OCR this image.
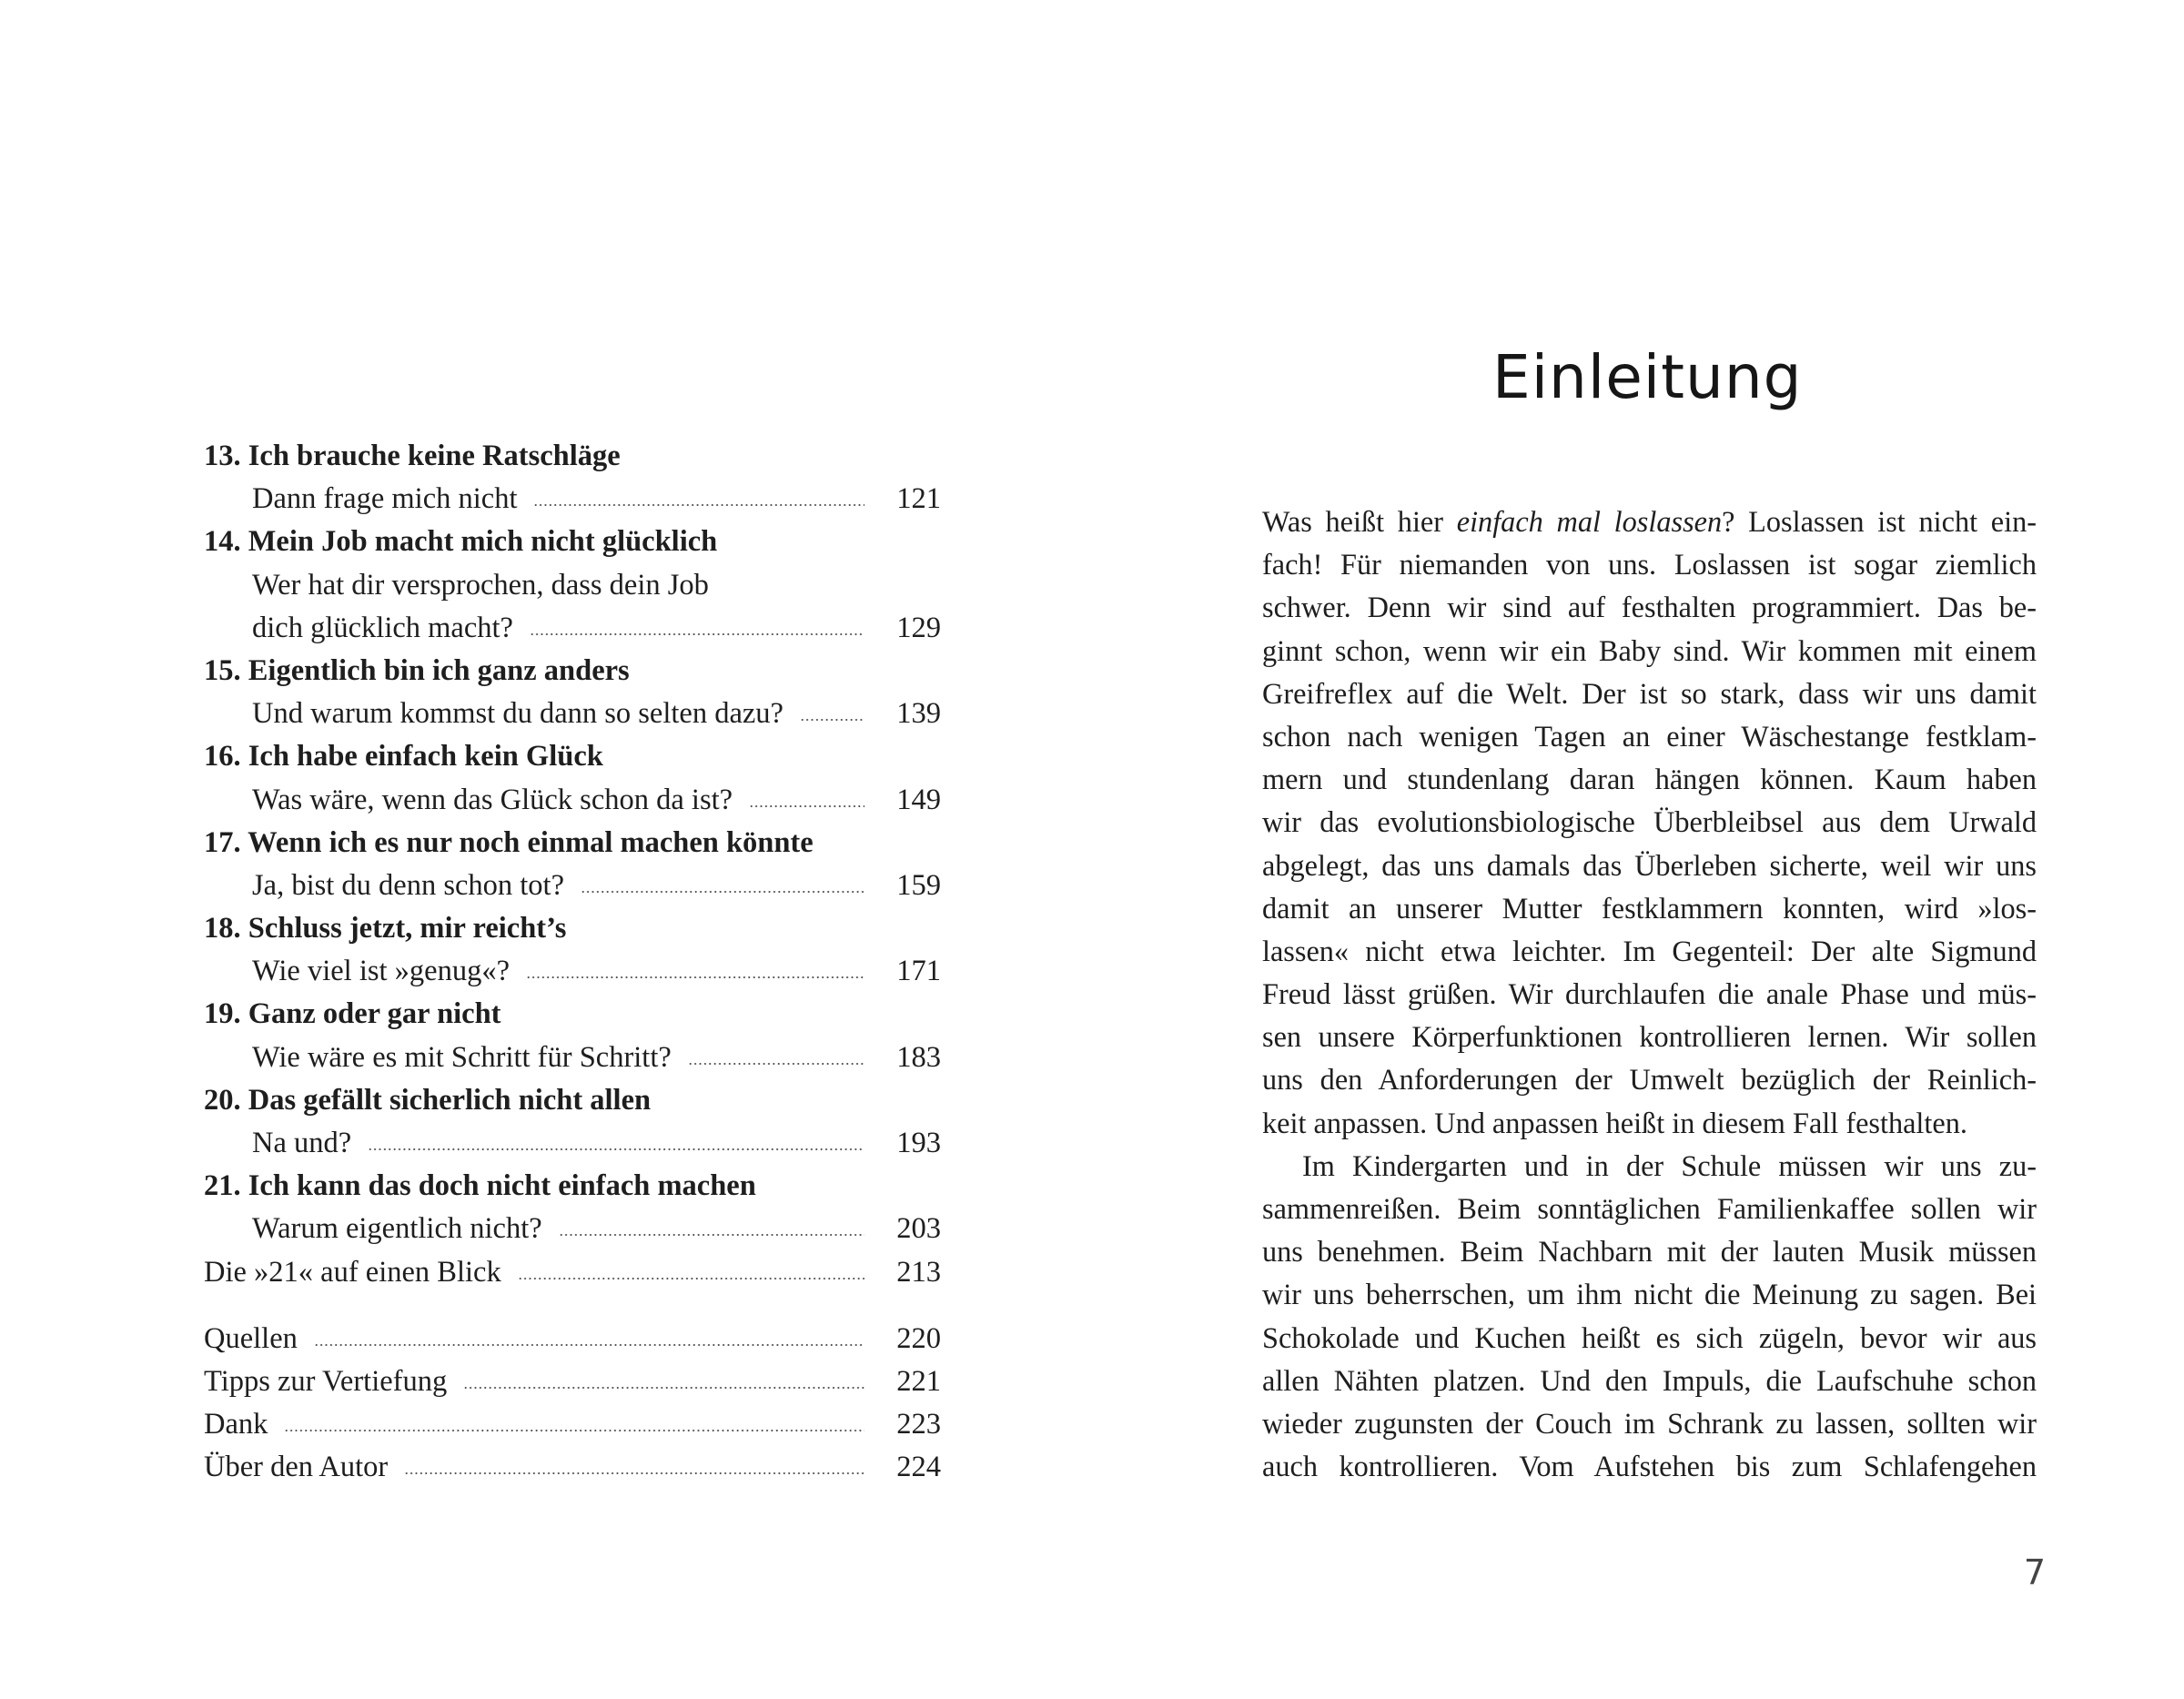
13. Ich brauche keine Ratschläge
Dann frage mich nicht	121
14. Mein Job macht mich nicht glücklich
Wer hat dir versprochen, dass dein Job
dich glücklich macht?	129
15. Eigentlich bin ich ganz anders
Und warum kommst du dann so selten dazu?	139
16. Ich habe einfach kein Glück
Was wäre, wenn das Glück schon da ist?	149
17. Wenn ich es nur noch einmal machen könnte
Ja, bist du denn schon tot?	159
18. Schluss jetzt, mir reicht’s
Wie viel ist »genug«?	171
19. Ganz oder gar nicht
Wie wäre es mit Schritt für Schritt?	183
20. Das gefällt sicherlich nicht allen
Na und?	193
21. Ich kann das doch nicht einfach machen
Warum eigentlich nicht?	203
Die »21« auf einen Blick	213
Quellen	220
Tipps zur Vertiefung	221
Dank	223
Über den Autor	224
Einleitung
Was heißt hier einfach mal loslassen? Loslassen ist nicht ein-
fach! Für niemanden von uns. Loslassen ist sogar ziemlich
schwer. Denn wir sind auf festhalten programmiert. Das be-
ginnt schon, wenn wir ein Baby sind. Wir kommen mit einem
Greifreflex auf die Welt. Der ist so stark, dass wir uns damit
schon nach wenigen Tagen an einer Wäschestange festklam-
mern und stundenlang daran hängen können. Kaum haben
wir das evolutionsbiologische Überbleibsel aus dem Urwald
abgelegt, das uns damals das Überleben sicherte, weil wir uns
damit an unserer Mutter festklammern konnten, wird »los-
lassen« nicht etwa leichter. Im Gegenteil: Der alte Sigmund
Freud lässt grüßen. Wir durchlaufen die anale Phase und müs-
sen unsere Körperfunktionen kontrollieren lernen. Wir sollen
uns den Anforderungen der Umwelt bezüglich der Reinlich-
keit anpassen. Und anpassen heißt in diesem Fall festhalten.
Im Kindergarten und in der Schule müssen wir uns zu-
sammenreißen. Beim sonntäglichen Familienkaffee sollen wir
uns benehmen. Beim Nachbarn mit der lauten Musik müssen
wir uns beherrschen, um ihm nicht die Meinung zu sagen. Bei
Schokolade und Kuchen heißt es sich zügeln, bevor wir aus
allen Nähten platzen. Und den Impuls, die Laufschuhe schon
wieder zugunsten der Couch im Schrank zu lassen, sollten wir
auch kontrollieren. Vom Aufstehen bis zum Schlafengehen
7
